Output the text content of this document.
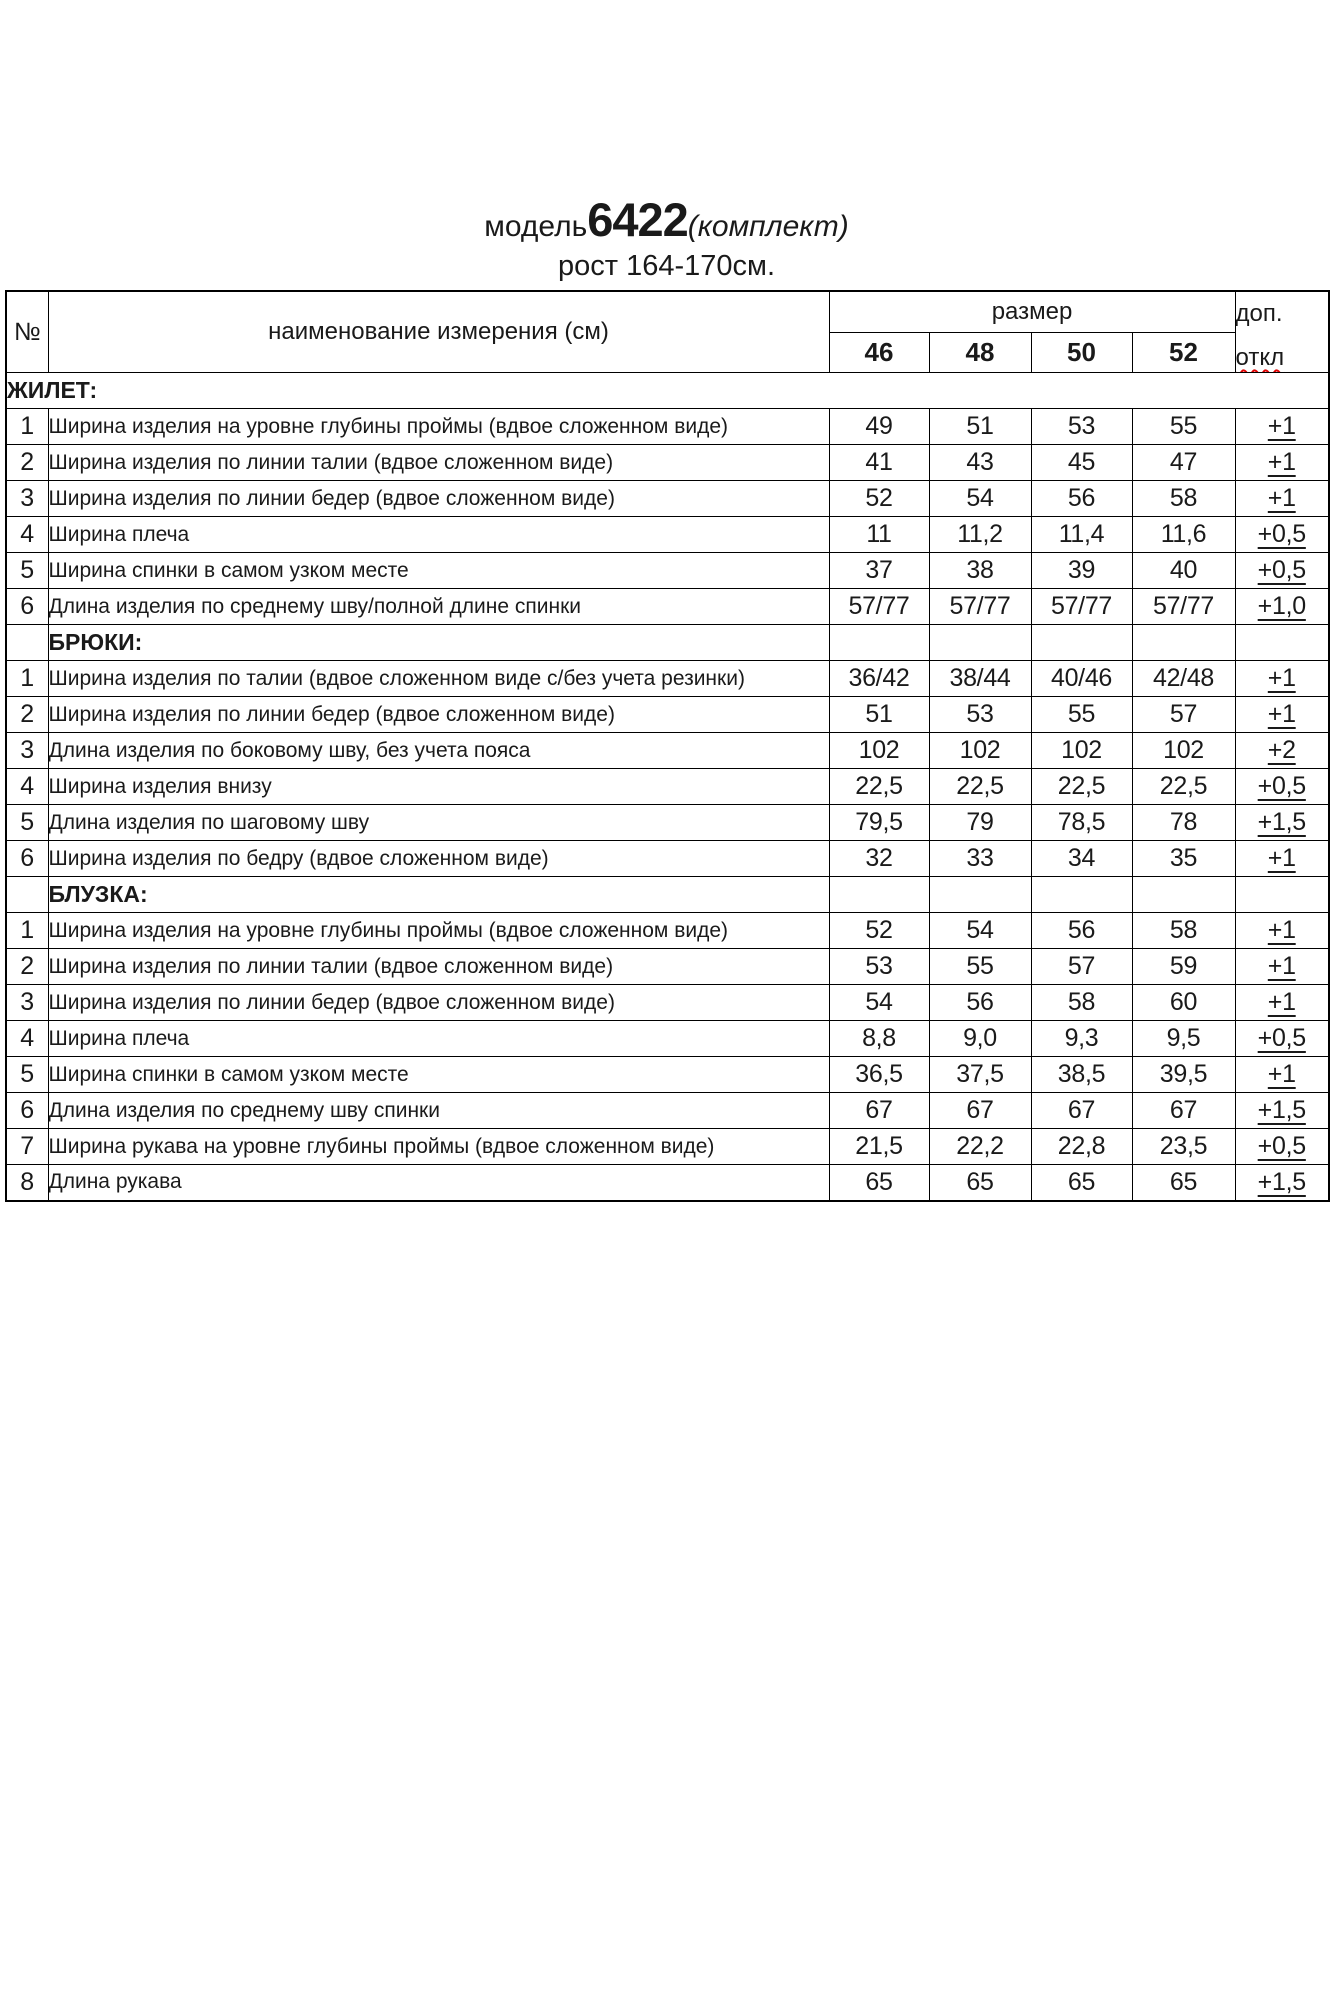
модель 6422 (комплект)
рост 164-170см.
№	наименование измерения (см)	размер				доп.
откл

		46	48	50	52	
ЖИЛЕТ:						
1	Ширина изделия на уровне глубины проймы (вдвое сложенном виде)	49	51	53	55	+1
2	Ширина изделия по линии талии (вдвое сложенном виде)	41	43	45	47	+1
3	Ширина изделия по линии бедер (вдвое сложенном виде)	52	54	56	58	+1
4	Ширина плеча	11	11,2	11,4	11,6	+0,5
5	Ширина спинки в самом узком месте	37	38	39	40	+0,5
6	Длина изделия по среднему шву/полной длине спинки	57/77	57/77	57/77	57/77	+1,0
	БРЮКИ:					
1	Ширина изделия по талии (вдвое сложенном виде с/без учета резинки)	36/42	38/44	40/46	42/48	+1
2	Ширина изделия по линии бедер (вдвое сложенном виде)	51	53	55	57	+1
3	Длина изделия по боковому шву, без учета пояса	102	102	102	102	+2
4	Ширина изделия внизу	22,5	22,5	22,5	22,5	+0,5
5	Длина изделия по шаговому шву	79,5	79	78,5	78	+1,5
6	Ширина изделия по бедру (вдвое сложенном виде)	32	33	34	35	+1
	БЛУЗКА:					
1	Ширина изделия на уровне глубины проймы (вдвое сложенном виде)	52	54	56	58	+1
2	Ширина изделия по линии талии (вдвое сложенном виде)	53	55	57	59	+1
3	Ширина изделия по линии бедер (вдвое сложенном виде)	54	56	58	60	+1
4	Ширина плеча	8,8	9,0	9,3	9,5	+0,5
5	Ширина спинки в самом узком месте	36,5	37,5	38,5	39,5	+1
6	Длина изделия по среднему шву спинки	67	67	67	67	+1,5
7	Ширина рукава на уровне глубины проймы (вдвое сложенном виде)	21,5	22,2	22,8	23,5	+0,5
8	Длина рукава	65	65	65	65	+1,5
